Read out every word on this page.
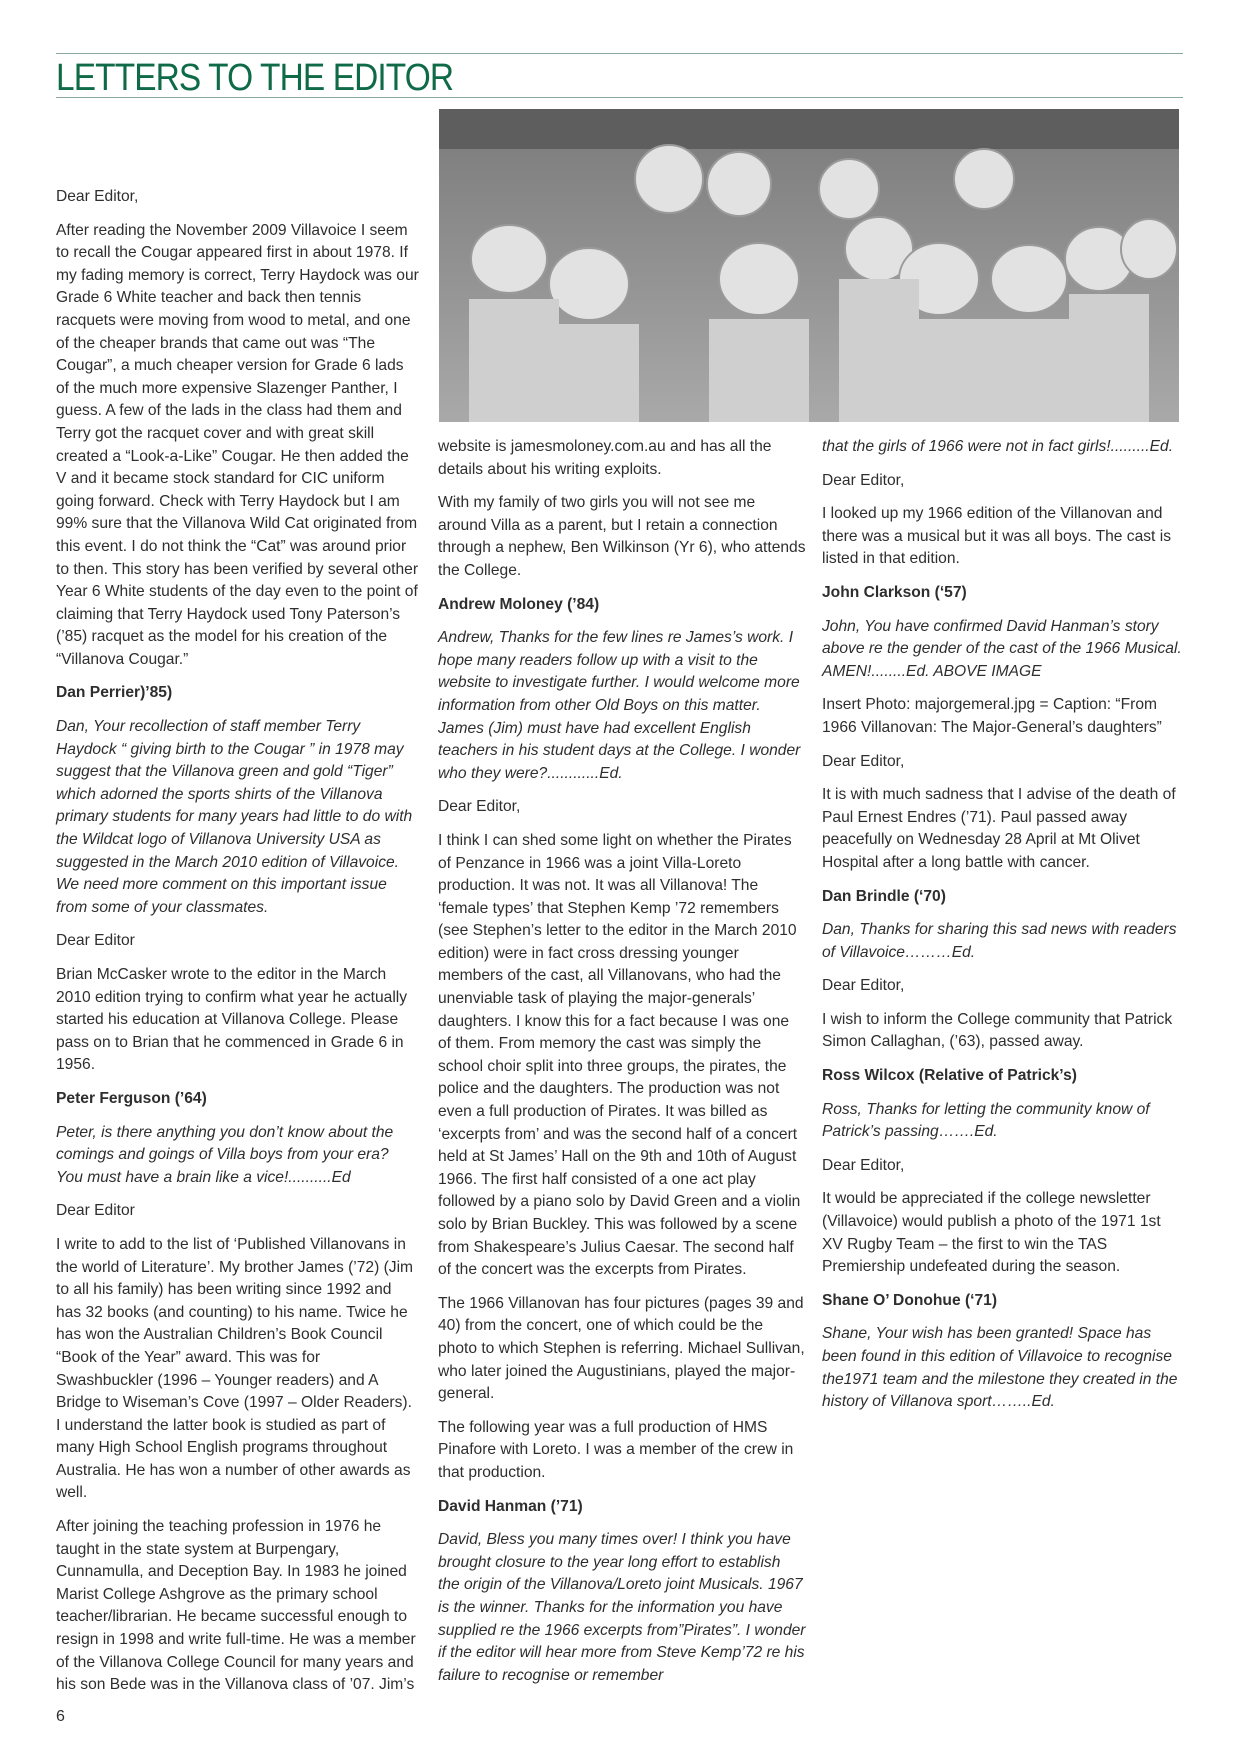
LETTERS TO THE EDITOR

Dear Editor,

After reading the November 2009 Villavoice I seem to recall the Cougar appeared first in about 1978. If my fading memory is correct, Terry Haydock was our Grade 6 White teacher and back then tennis racquets were moving from wood to metal, and one of the cheaper brands that came out was “The Cougar”, a much cheaper version for Grade 6 lads of the much more expensive Slazenger Panther, I guess. A few of the lads in the class had them and Terry got the racquet cover and with great skill created a “Look-a-Like” Cougar. He then added the V and it became stock standard for CIC uniform going forward. Check with Terry Haydock but I am 99% sure that the Villanova Wild Cat originated from this event. I do not think the “Cat” was around prior to then. This story has been verified by several other Year 6 White students of the day even to the point of claiming that Terry Haydock used Tony Paterson’s (’85) racquet as the model for his creation of the “Villanova Cougar.”

Dan Perrier)’85)

Dan, Your recollection of staff member Terry Haydock “ giving birth to the Cougar ” in 1978 may suggest that the Villanova green and gold “Tiger” which adorned the sports shirts of the Villanova primary students for many years had little to do with the Wildcat logo of Villanova University USA as suggested in the March 2010 edition of Villavoice. We need more comment on this important issue from some of your classmates.

Dear Editor

Brian McCasker wrote to the editor in the March 2010 edition trying to confirm what year he actually started his education at Villanova College. Please pass on to Brian that he commenced in Grade 6 in 1956.

Peter Ferguson (’64)

Peter, is there anything you don’t know about the comings and goings of Villa boys from your era? You must have a brain like a vice!..........Ed

Dear Editor

I write to add to the list of ‘Published Villanovans in the world of Literature’. My brother James (’72) (Jim to all his family) has been writing since 1992 and has 32 books (and counting) to his name. Twice he has won the Australian Children’s Book Council “Book of the Year” award. This was for Swashbuckler (1996 – Younger readers) and A Bridge to Wiseman’s Cove (1997 – Older Readers). I understand the latter book is studied as part of many High School English programs throughout Australia. He has won a number of other awards as well.

After joining the teaching profession in 1976 he taught in the state system at Burpengary, Cunnamulla, and Deception Bay. In 1983 he joined Marist College Ashgrove as the primary school teacher/librarian. He became successful enough to resign in 1998 and write full-time. He was a member of the Villanova College Council for many years and his son Bede was in the Villanova class of ’07. Jim’s

website is jamesmoloney.com.au and has all the details about his writing exploits.

With my family of two girls you will not see me around Villa as a parent, but I retain a connection through a nephew, Ben Wilkinson (Yr 6), who attends the College.

Andrew Moloney (’84)

Andrew, Thanks for the few lines re James’s work. I hope many readers follow up with a visit to the website to investigate further. I would welcome more information from other Old Boys on this matter. James (Jim) must have had excellent English teachers in his student days at the College. I wonder who they were?............Ed.

Dear Editor,

I think I can shed some light on whether the Pirates of Penzance in 1966 was a joint Villa-Loreto production. It was not. It was all Villanova! The ‘female types’ that Stephen Kemp ’72 remembers (see Stephen’s letter to the editor in the March 2010 edition) were in fact cross dressing younger members of the cast, all Villanovans, who had the unenviable task of playing the major-generals’ daughters. I know this for a fact because I was one of them. From memory the cast was simply the school choir split into three groups, the pirates, the police and the daughters. The production was not even a full production of Pirates. It was billed as ‘excerpts from’ and was the second half of a concert held at St James’ Hall on the 9th and 10th of August 1966. The first half consisted of a one act play followed by a piano solo by David Green and a violin solo by Brian Buckley. This was followed by a scene from Shakespeare’s Julius Caesar. The second half of the concert was the excerpts from Pirates.

The 1966 Villanovan has four pictures (pages 39 and 40) from the concert, one of which could be the photo to which Stephen is referring. Michael Sullivan, who later joined the Augustinians, played the major-general.

The following year was a full production of HMS Pinafore with Loreto. I was a member of the crew in that production.

David Hanman (’71)

David, Bless you many times over! I think you have brought closure to the year long effort to establish the origin of the Villanova/Loreto joint Musicals. 1967 is the winner. Thanks for the information you have supplied re the 1966 excerpts from”Pirates”. I wonder if the editor will hear more from Steve Kemp’72 re his failure to recognise or remember

that the girls of 1966 were not in fact girls!.........Ed.

Dear Editor,

I looked up my 1966 edition of the Villanovan and there was a musical but it was all boys. The cast is listed in that edition.

John Clarkson (‘57)

John, You have confirmed David Hanman’s story above re the gender of the cast of the 1966 Musical. AMEN!........Ed. ABOVE IMAGE

Insert Photo: majorgemeral.jpg = Caption: “From 1966 Villanovan: The Major-General’s daughters”

Dear Editor,

It is with much sadness that I advise of the death of Paul Ernest Endres (’71). Paul passed away peacefully on Wednesday 28 April at Mt Olivet Hospital after a long battle with cancer.

Dan Brindle (‘70)

Dan, Thanks for sharing this sad news with readers of Villavoice………Ed.

Dear Editor,

I wish to inform the College community that Patrick Simon Callaghan, (’63), passed away.

Ross Wilcox (Relative of Patrick’s)

Ross, Thanks for letting the community know of Patrick’s passing…….Ed.

Dear Editor,

It would be appreciated if the college newsletter (Villavoice) would publish a photo of the 1971 1st XV Rugby Team – the first to win the TAS Premiership undefeated during the season.

Shane O’ Donohue (‘71)

Shane, Your wish has been granted! Space has been found in this edition of Villavoice to recognise the1971 team and the milestone they created in the history of Villanova sport……..Ed.

6
